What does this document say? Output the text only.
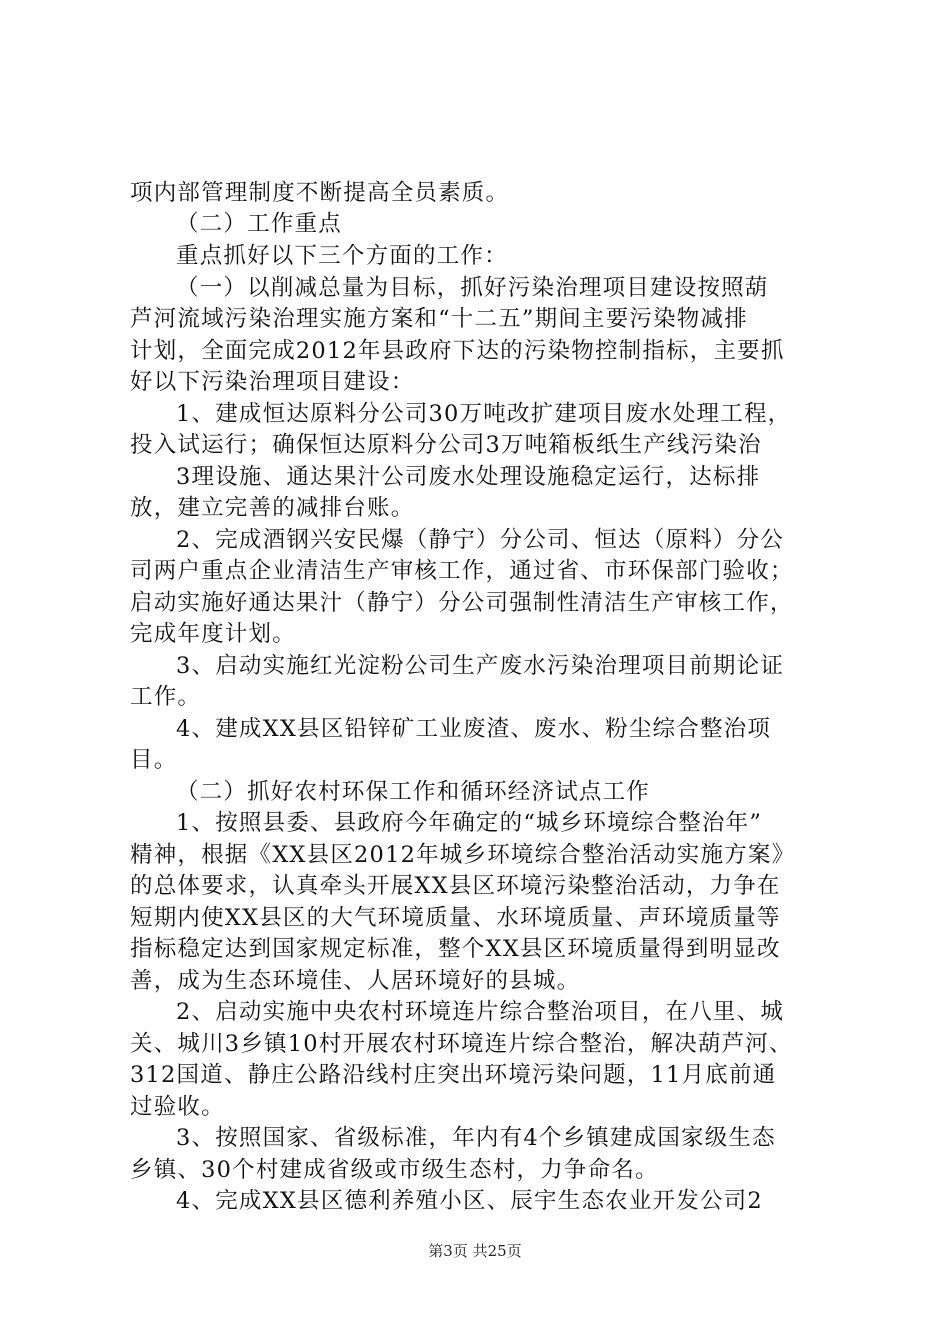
项内部管理制度不断提高全员素质。
（二）工作重点
重点抓好以下三个方面的工作：
（一）以削减总量为目标，抓好污染治理项目建设按照葫
芦河流域污染治理实施方案和“十二五”期间主要污染物减排
计划，全面完成2012年县政府下达的污染物控制指标，主要抓
好以下污染治理项目建设：
1、建成恒达原料分公司30万吨改扩建项目废水处理工程，
投入试运行；确保恒达原料分公司3万吨箱板纸生产线污染治
3理设施、通达果汁公司废水处理设施稳定运行，达标排
放，建立完善的减排台账。
2、完成酒钢兴安民爆（静宁）分公司、恒达（原料）分公
司两户重点企业清洁生产审核工作，通过省、市环保部门验收；
启动实施好通达果汁（静宁）分公司强制性清洁生产审核工作，
完成年度计划。
3、启动实施红光淀粉公司生产废水污染治理项目前期论证
工作。
4、建成XX县区铅锌矿工业废渣、废水、粉尘综合整治项
目。
（二）抓好农村环保工作和循环经济试点工作
1、按照县委、县政府今年确定的“城乡环境综合整治年”
精神，根据《XX县区2012年城乡环境综合整治活动实施方案》
的总体要求，认真牵头开展XX县区环境污染整治活动，力争在
短期内使XX县区的大气环境质量、水环境质量、声环境质量等
指标稳定达到国家规定标准，整个XX县区环境质量得到明显改
善，成为生态环境佳、人居环境好的县城。
2、启动实施中央农村环境连片综合整治项目，在八里、城
关、城川3乡镇10村开展农村环境连片综合整治，解决葫芦河、
312国道、静庄公路沿线村庄突出环境污染问题，11月底前通
过验收。
3、按照国家、省级标准，年内有4个乡镇建成国家级生态
乡镇、30个村建成省级或市级生态村，力争命名。
4、完成XX县区德利养殖小区、辰宇生态农业开发公司2
第3页 共25页
